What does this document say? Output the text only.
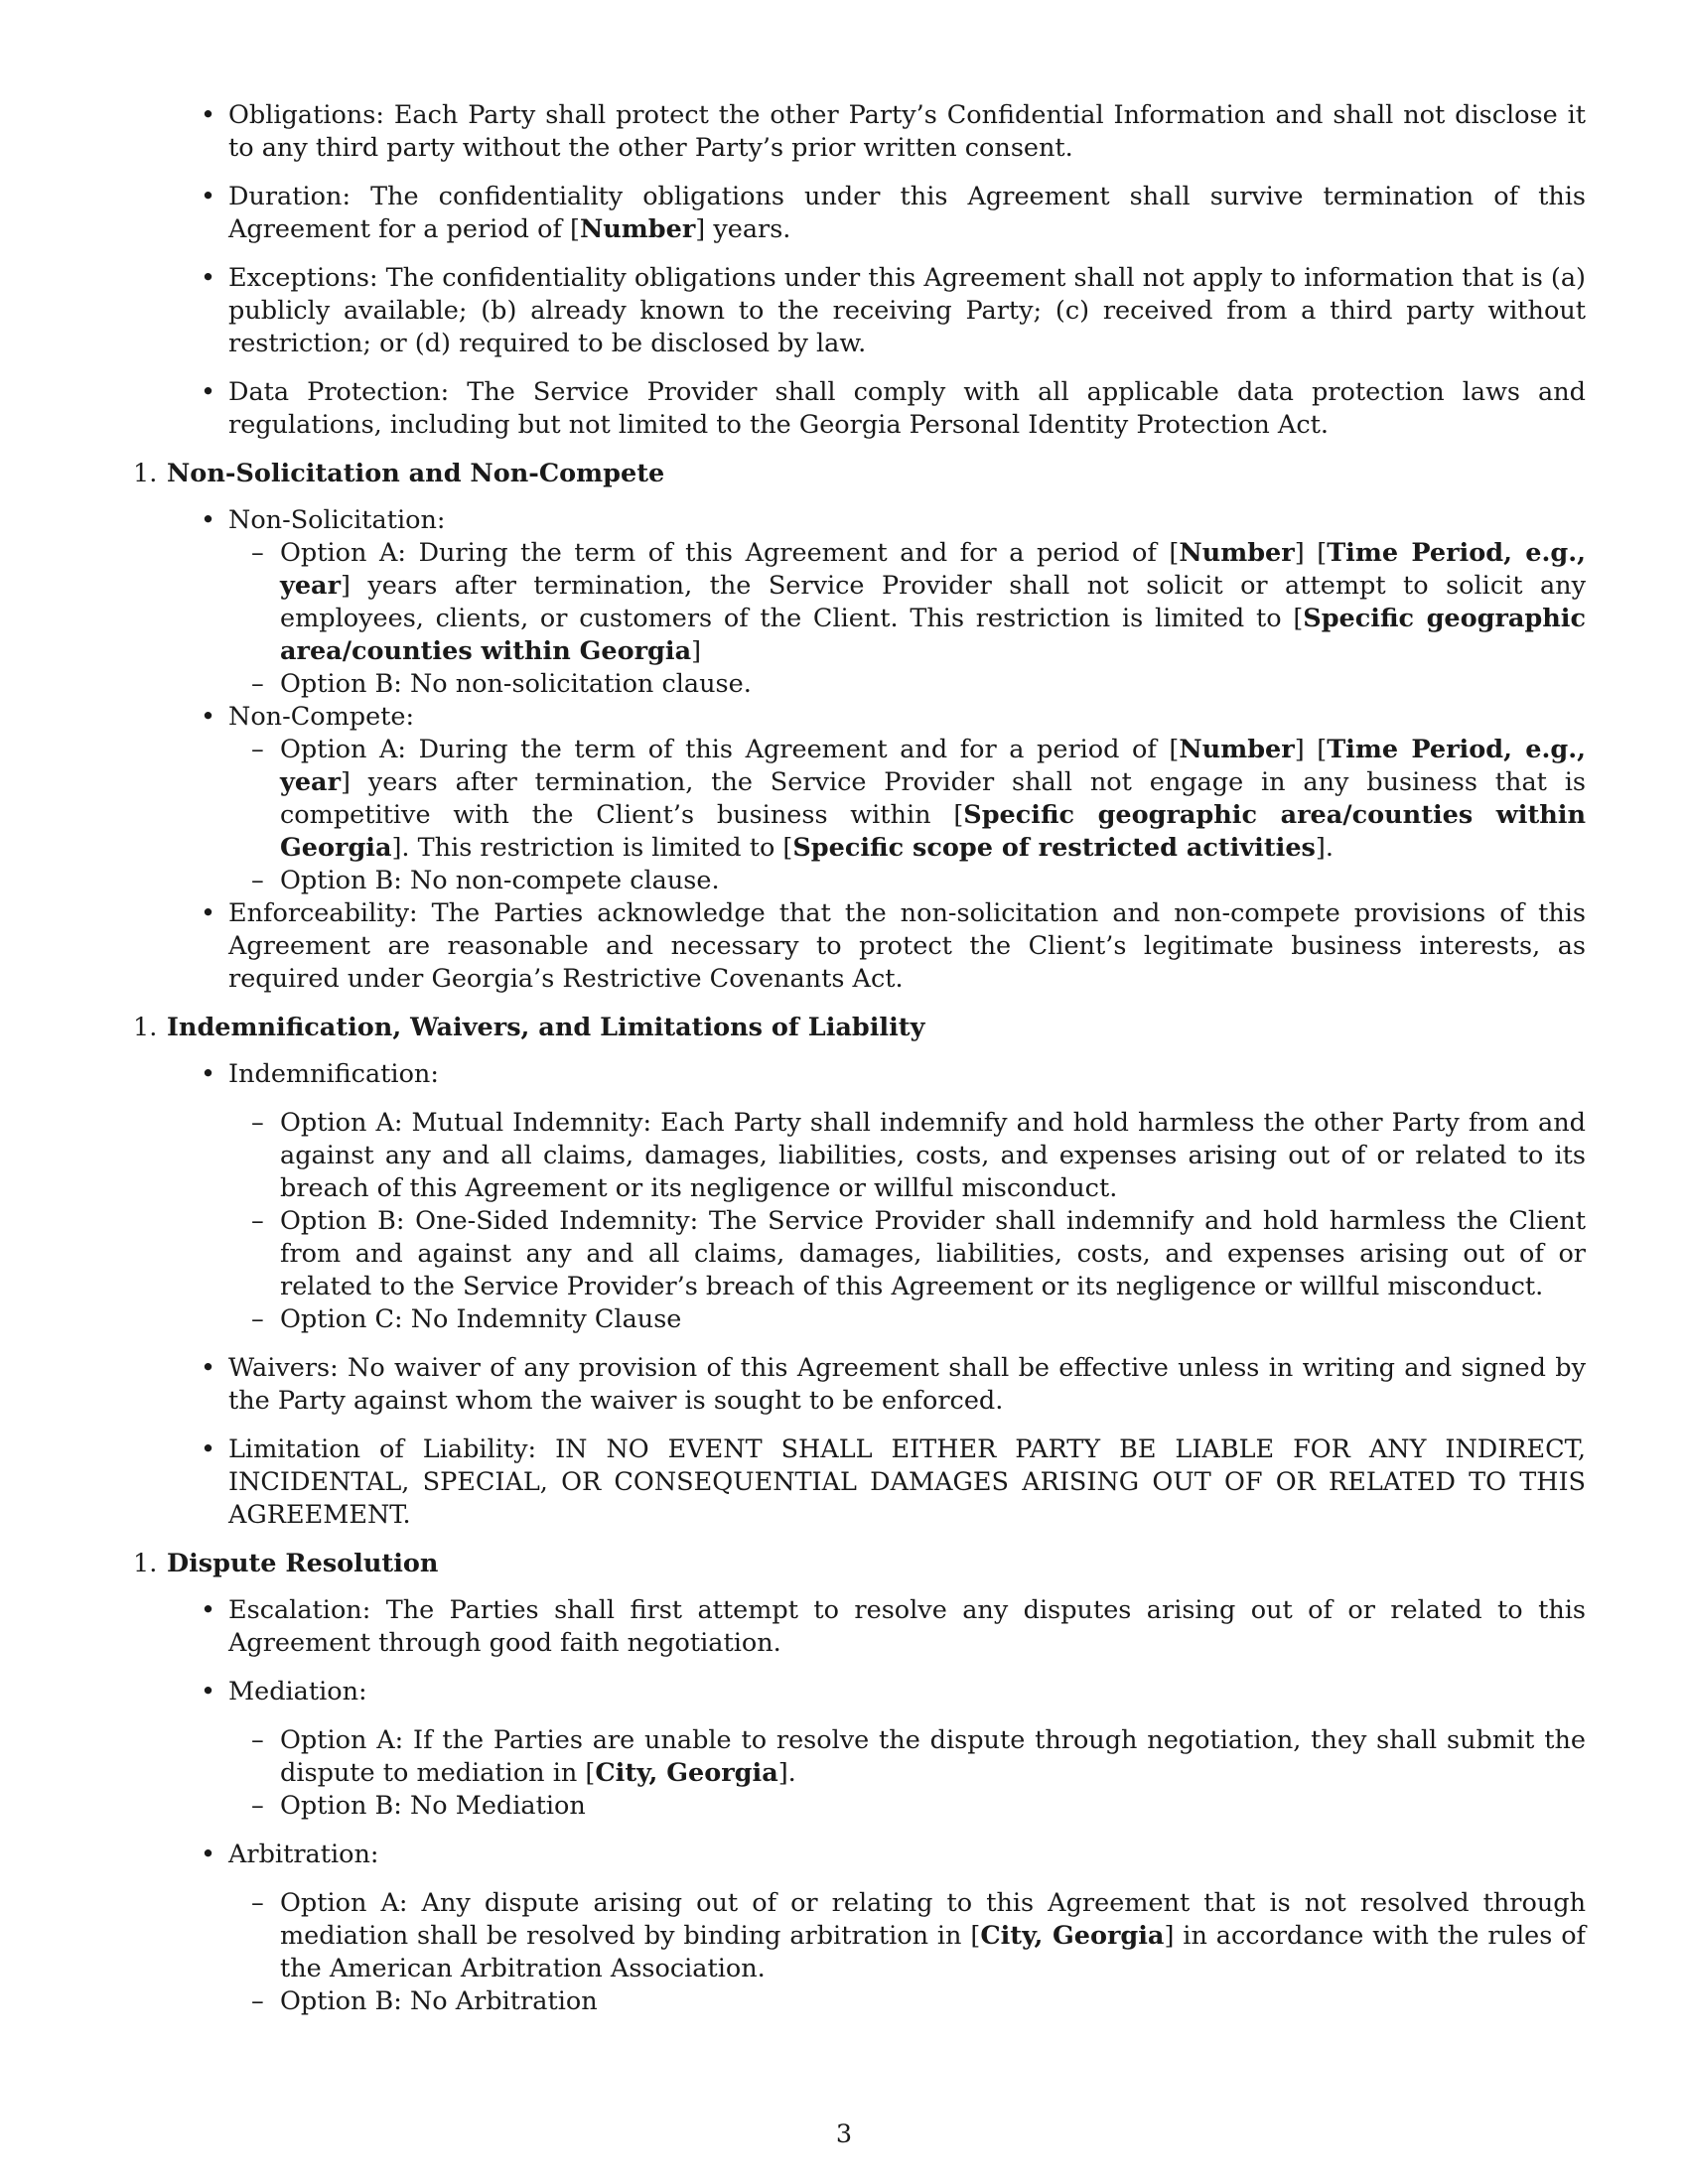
• Obligations: Each Party shall protect the other Party’s Confidential Information and shall not disclose it to any third party without the other Party’s prior written consent.

• Duration: The confidentiality obligations under this Agreement shall survive termination of this Agreement for a period of [Number] years.

• Exceptions: The confidentiality obligations under this Agreement shall not apply to information that is (a) publicly available; (b) already known to the receiving Party; (c) received from a third party without restriction; or (d) required to be disclosed by law.

• Data Protection: The Service Provider shall comply with all applicable data protection laws and regulations, including but not limited to the Georgia Personal Identity Protection Act.

1. Non-Solicitation and Non-Compete

• Non-Solicitation:

– Option A: During the term of this Agreement and for a period of [Number] [Time Period, e.g., year] years after termination, the Service Provider shall not solicit or attempt to solicit any employees, clients, or customers of the Client. This restriction is limited to [Specific geographic area/counties within Georgia]

– Option B: No non-solicitation clause.

• Non-Compete:

– Option A: During the term of this Agreement and for a period of [Number] [Time Period, e.g., year] years after termination, the Service Provider shall not engage in any business that is competitive with the Client’s business within [Specific geographic area/counties within Georgia]. This restriction is limited to [Specific scope of restricted activities].

– Option B: No non-compete clause.

• Enforceability: The Parties acknowledge that the non-solicitation and non-compete provisions of this Agreement are reasonable and necessary to protect the Client’s legitimate business interests, as required under Georgia’s Restrictive Covenants Act.

1. Indemnification, Waivers, and Limitations of Liability

• Indemnification:

– Option A: Mutual Indemnity: Each Party shall indemnify and hold harmless the other Party from and against any and all claims, damages, liabilities, costs, and expenses arising out of or related to its breach of this Agreement or its negligence or willful misconduct.

– Option B: One-Sided Indemnity: The Service Provider shall indemnify and hold harmless the Client from and against any and all claims, damages, liabilities, costs, and expenses arising out of or related to the Service Provider’s breach of this Agreement or its negligence or willful misconduct.

– Option C: No Indemnity Clause

• Waivers: No waiver of any provision of this Agreement shall be effective unless in writing and signed by the Party against whom the waiver is sought to be enforced.

• Limitation of Liability: IN NO EVENT SHALL EITHER PARTY BE LIABLE FOR ANY INDIRECT, INCIDENTAL, SPECIAL, OR CONSEQUENTIAL DAMAGES ARISING OUT OF OR RELATED TO THIS AGREEMENT.

1. Dispute Resolution

• Escalation: The Parties shall first attempt to resolve any disputes arising out of or related to this Agreement through good faith negotiation.

• Mediation:

– Option A: If the Parties are unable to resolve the dispute through negotiation, they shall submit the dispute to mediation in [City, Georgia].

– Option B: No Mediation

• Arbitration:

– Option A: Any dispute arising out of or relating to this Agreement that is not resolved through mediation shall be resolved by binding arbitration in [City, Georgia] in accordance with the rules of the American Arbitration Association.

– Option B: No Arbitration

3
